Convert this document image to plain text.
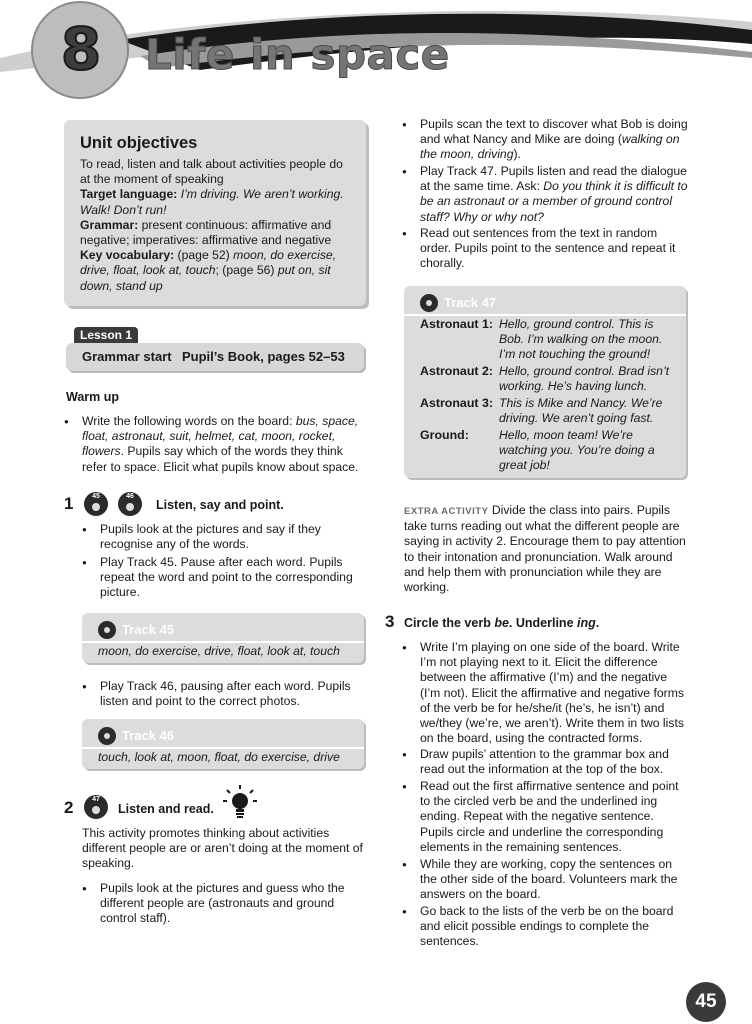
8 Life in space
Unit objectives

To read, listen and talk about activities people do at the moment of speaking

Target language: I’m driving. We aren’t working. Walk! Don’t run!

Grammar: present continuous: affirmative and negative; imperatives: affirmative and negative

Key vocabulary: (page 52) moon, do exercise, drive, float, look at, touch; (page 56) put on, sit down, stand up

Lesson 1
Grammar start Pupil’s Book, pages 52–53
Warm up
● Write the following words on the board: bus, space, float, astronaut, suit, helmet, cat, moon, rocket, flowers. Pupils say which of the words they think refer to space. Elicit what pupils know about space.
1	45	46
Listen, say and point.
● Pupils look at the pictures and say if they recognise any of the words.
● Play Track 45. Pause after each word. Pupils repeat the word and point to the corresponding picture.
Track 45
moon, do exercise, drive, float, look at, touch
● Play Track 46, pausing after each word. Pupils listen and point to the correct photos.
Track 46
touch, look at, moon, float, do exercise, drive
2	47
Listen and read.
This activity promotes thinking about activities different people are or aren’t doing at the moment of speaking.
● Pupils look at the pictures and guess who the different people are (astronauts and ground control staff).
● Pupils scan the text to discover what Bob is doing and what Nancy and Mike are doing (walking on the moon, driving).
● Play Track 47. Pupils listen and read the dialogue at the same time. Ask: Do you think it is difficult to be an astronaut or a member of ground control staff? Why or why not?
● Read out sentences from the text in random order. Pupils point to the sentence and repeat it chorally.
Track 47
Astronaut 1: Hello, ground control. This is Bob. I’m walking on the moon. I’m not touching the ground!
Astronaut 2: Hello, ground control. Brad isn’t working. He’s having lunch.
Astronaut 3: This is Mike and Nancy. We’re driving. We aren’t going fast.
Ground: Hello, moon team! We’re watching you. You’re doing a great job!
EXTRA ACTIVITY Divide the class into pairs. Pupils take turns reading out what the different people are saying in activity 2. Encourage them to pay attention to their intonation and pronunciation. Walk around and help them with pronunciation while they are working.
3 Circle the verb be. Underline ing.
● Write I’m playing on one side of the board. Write I’m not playing next to it. Elicit the difference between the affirmative (I’m) and the negative (I’m not). Elicit the affirmative and negative forms of the verb be for he/she/it (he’s, he isn’t) and we/they (we’re, we aren’t). Write them in two lists on the board, using the contracted forms.
● Draw pupils’ attention to the grammar box and read out the information at the top of the box.
● Read out the first affirmative sentence and point to the circled verb be and the underlined ing ending. Repeat with the negative sentence. Pupils circle and underline the corresponding elements in the remaining sentences.
● While they are working, copy the sentences on the other side of the board. Volunteers mark the answers on the board.
● Go back to the lists of the verb be on the board and elicit possible endings to complete the sentences.
45
